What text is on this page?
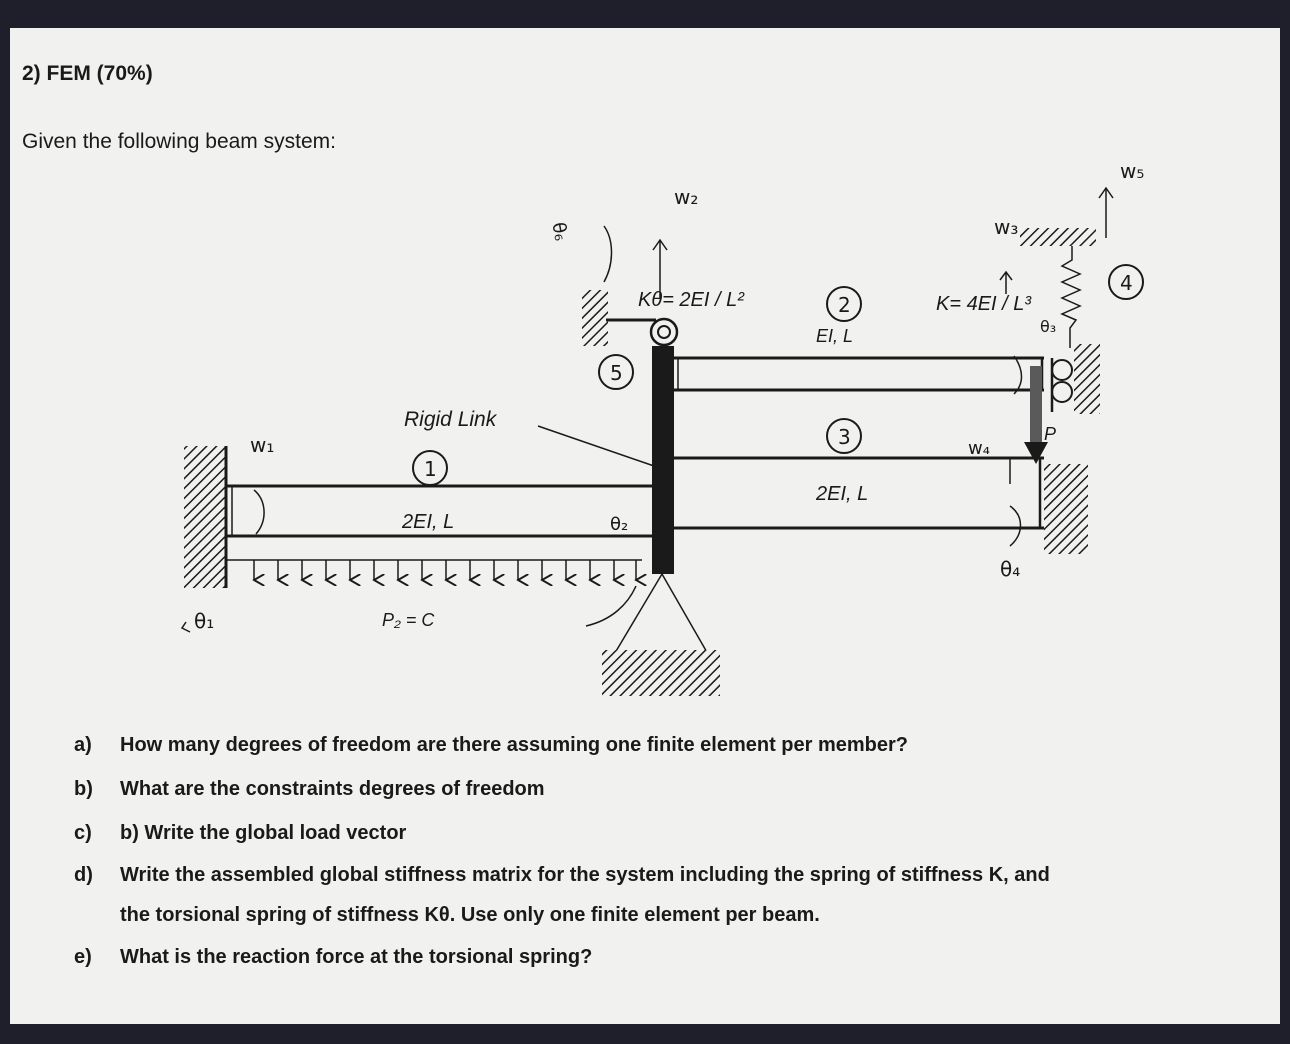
2) FEM (70%)
Given the following beam system:
Kθ= 2EI / L²	K= 4EI / L³
Rigid Link
1
2EI, L
2
EI, L
3
2EI, L
4
5
P₂ = C
P
w₁
w₂
w₃
w₄
w₅
θ₁
θ₂
θ₃
θ₄
θ₆
a) How many degrees of freedom are there assuming one finite element per member?
b) What are the constraints degrees of freedom
c) b) Write the global load vector
d) Write the assembled global stiffness matrix for the system including the spring of stiffness K, and
the torsional spring of stiffness Kθ. Use only one finite element per beam.
e) What is the reaction force at the torsional spring?
